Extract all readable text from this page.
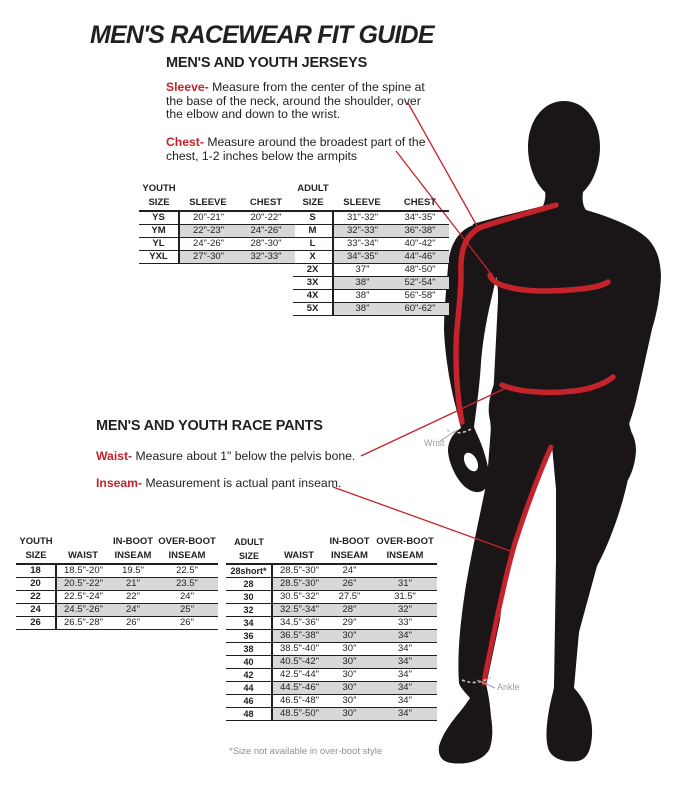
MEN'S RACEWEAR FIT GUIDE
MEN'S AND YOUTH JERSEYS

Sleeve- Measure from the center of the spine at the base of the neck, around the shoulder, over the elbow and down to the wrist.

Chest- Measure around the broadest part of the chest, 1-2 inches below the armpits

YOUTH		
SIZE	SLEEVE	CHEST
YS	20"-21"	20"-22"
YM	22"-23"	24"-26"
YL	24"-26"	28"-30"
YXL	27"-30"	32"-33"
ADULT		
SIZE	SLEEVE	CHEST
S	31"-32"	34"-35"
M	32"-33"	36"-38"
L	33"-34"	40"-42"
X	34"-35"	44"-46"
2X	37"	48"-50"
3X	38"	52"-54"
4X	38"	56"-58"
5X	38"	60"-62"
MEN'S AND YOUTH RACE PANTS

Waist- Measure about 1" below the pelvis bone.

Inseam- Measurement is actual pant inseam.

YOUTH		IN-BOOT	OVER-BOOT
SIZE	WAIST	INSEAM	INSEAM
18	18.5"-20"	19.5"	22.5"
20	20.5"-22"	21"	23.5"
22	22.5"-24"	22"	24"
24	24.5"-26"	24"	25"
26	26.5"-28"	26"	26"
ADULT		IN-BOOT	OVER-BOOT
SIZE	WAIST	INSEAM	INSEAM
28short*	28.5"-30"	24"	
28	28.5"-30"	26"	31"
30	30.5"-32"	27.5"	31.5"
32	32.5"-34"	28"	32"
34	34.5"-36"	29"	33"
36	36.5"-38"	30"	34"
38	38.5"-40"	30"	34"
40	40.5"-42"	30"	34"
42	42.5"-44"	30"	34"
44	44.5"-46"	30"	34"
46	46.5"-48"	30"	34"
48	48.5"-50"	30"	34"
*Size not available in over-boot style
Wrist
Ankle
